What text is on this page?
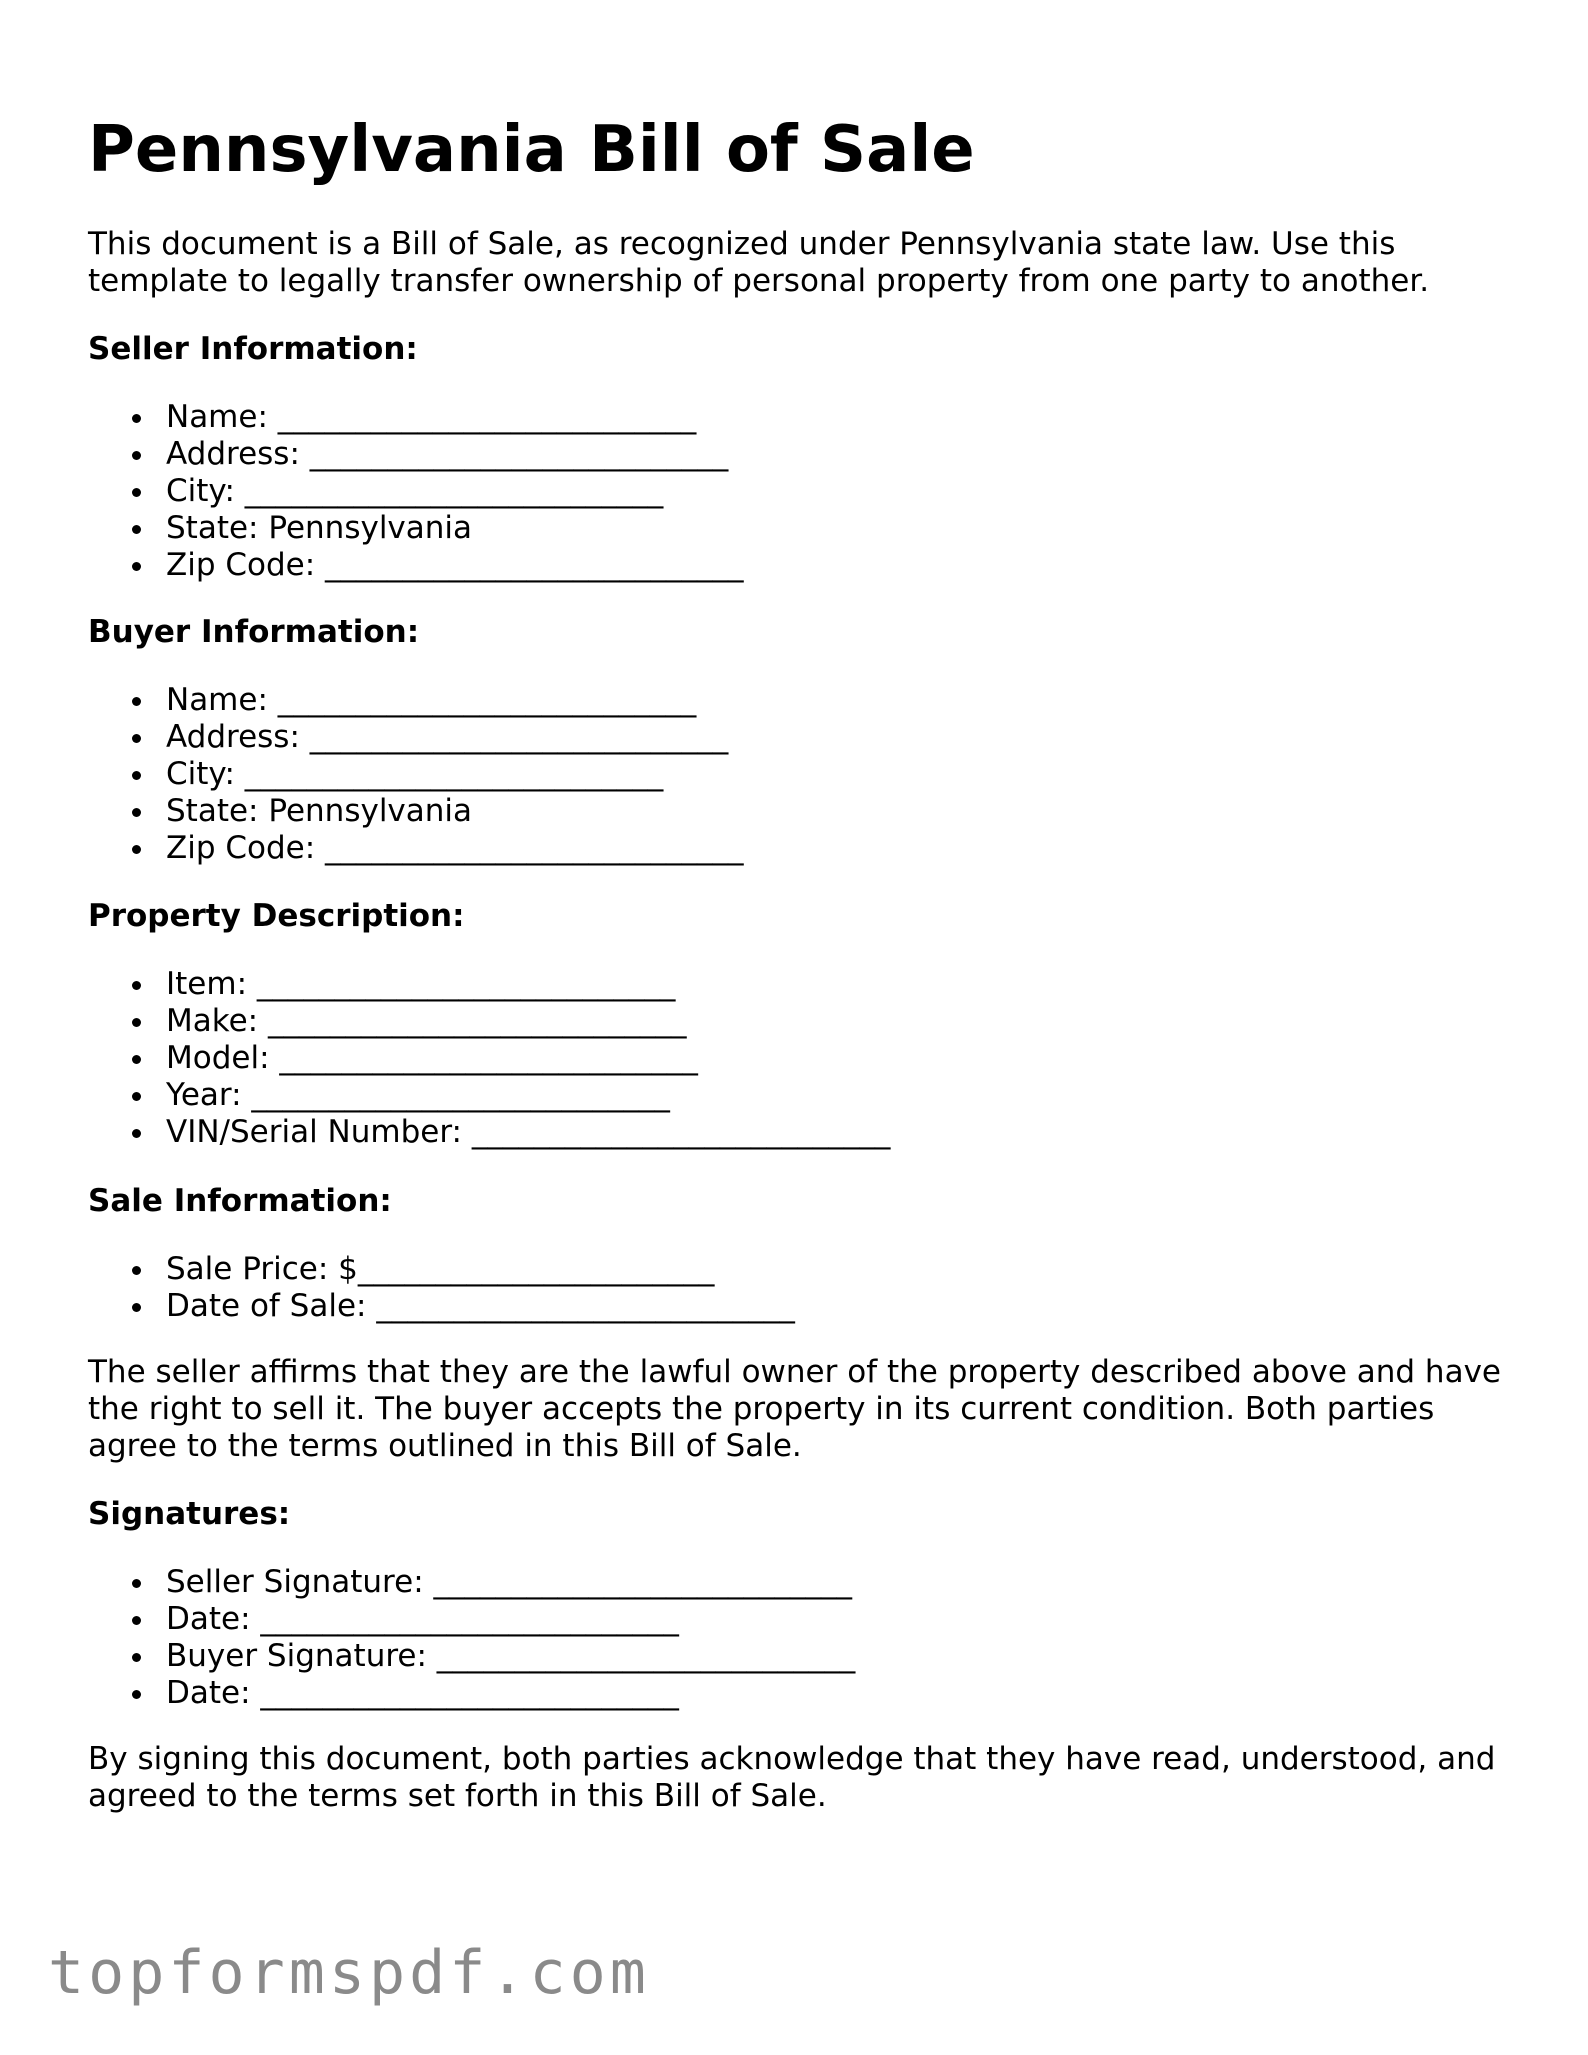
Pennsylvania Bill of Sale

This document is a Bill of Sale, as recognized under Pennsylvania state law. Use this template to legally transfer ownership of personal property from one party to another.

Seller Information:

Name: ___________________________
Address: ___________________________
City: ___________________________
State: Pennsylvania
Zip Code: ___________________________

Buyer Information:

Name: ___________________________
Address: ___________________________
City: ___________________________
State: Pennsylvania
Zip Code: ___________________________

Property Description:

Item: ___________________________
Make: ___________________________
Model: ___________________________
Year: ___________________________
VIN/Serial Number: ___________________________

Sale Information:

Sale Price: $_______________________
Date of Sale: ___________________________

The seller affirms that they are the lawful owner of the property described above and have the right to sell it. The buyer accepts the property in its current condition. Both parties agree to the terms outlined in this Bill of Sale.

Signatures:

Seller Signature: ___________________________
Date: ___________________________
Buyer Signature: ___________________________
Date: ___________________________

By signing this document, both parties acknowledge that they have read, understood, and agreed to the terms set forth in this Bill of Sale.

topformspdf.com
